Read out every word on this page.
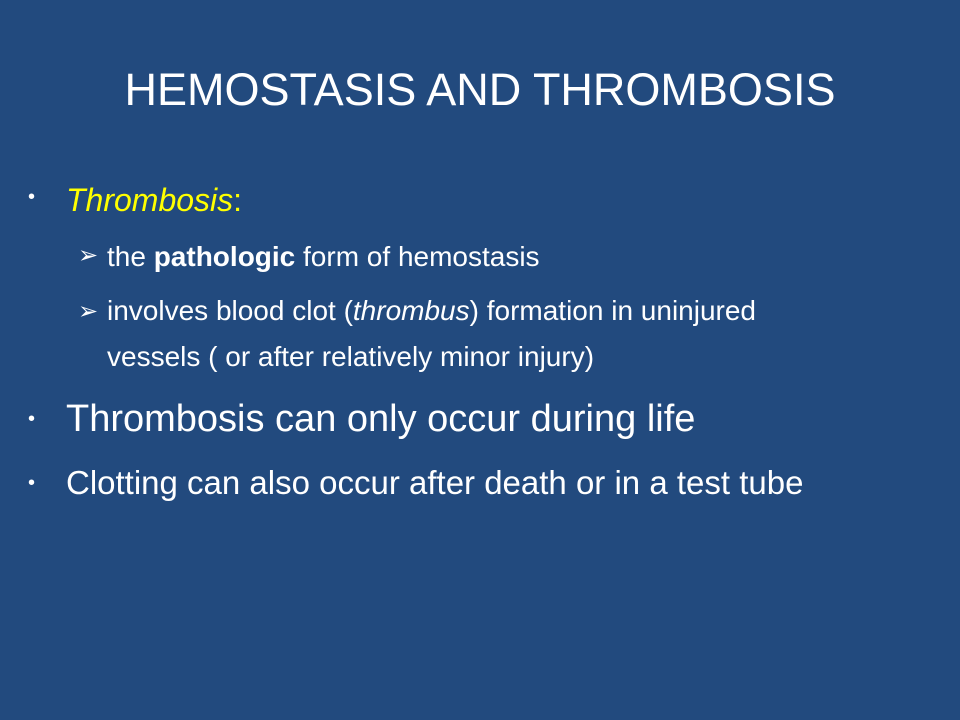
HEMOSTASIS AND THROMBOSIS
• Thrombosis:
➢ the pathologic form of hemostasis
➢ involves blood clot (thrombus) formation in uninjured
vessels ( or after relatively minor injury)
• Thrombosis can only occur during life
• Clotting can also occur after death or in a test tube
